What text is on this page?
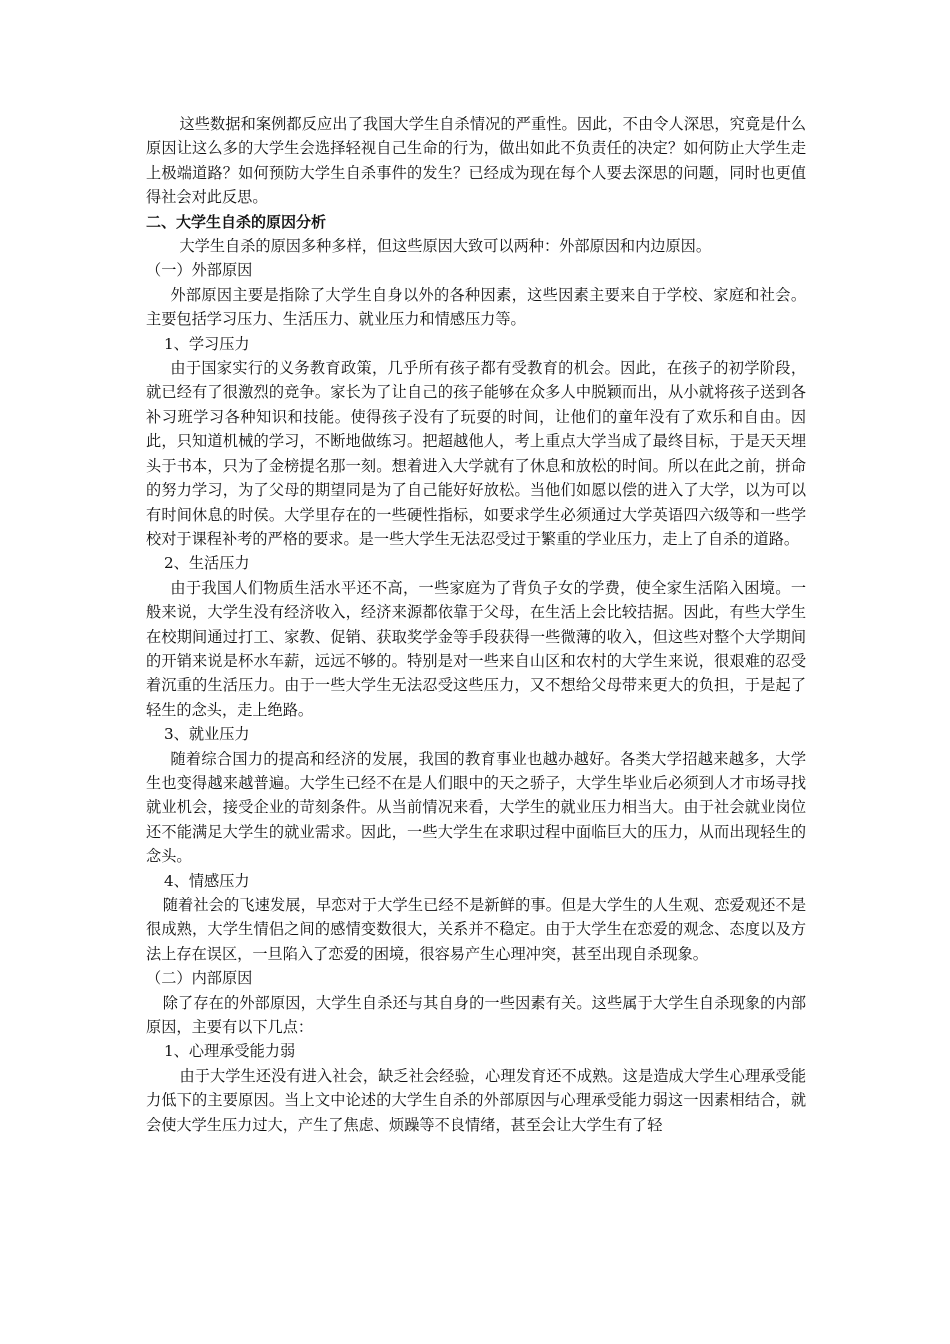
这些数据和案例都反应出了我国大学生自杀情况的严重性。因此，不由令人深思，究竟是什么原因让这么多的大学生会选择轻视自己生命的行为，做出如此不负责任的决定？如何防止大学生走上极端道路？如何预防大学生自杀事件的发生？已经成为现在每个人要去深思的问题，同时也更值得社会对此反思。

二、大学生自杀的原因分析

大学生自杀的原因多种多样，但这些原因大致可以两种：外部原因和内边原因。

（一）外部原因

外部原因主要是指除了大学生自身以外的各种因素，这些因素主要来自于学校、家庭和社会。主要包括学习压力、生活压力、就业压力和情感压力等。

1、学习压力

由于国家实行的义务教育政策，几乎所有孩子都有受教育的机会。因此，在孩子的初学阶段，就已经有了很激烈的竞争。家长为了让自己的孩子能够在众多人中脱颖而出，从小就将孩子送到各补习班学习各种知识和技能。使得孩子没有了玩耍的时间，让他们的童年没有了欢乐和自由。因此，只知道机械的学习，不断地做练习。把超越他人，考上重点大学当成了最终目标，于是天天埋头于书本，只为了金榜提名那一刻。想着进入大学就有了休息和放松的时间。所以在此之前，拼命的努力学习，为了父母的期望同是为了自己能好好放松。当他们如愿以偿的进入了大学，以为可以有时间休息的时侯。大学里存在的一些硬性指标，如要求学生必须通过大学英语四六级等和一些学校对于课程补考的严格的要求。是一些大学生无法忍受过于繁重的学业压力，走上了自杀的道路。

2、生活压力

由于我国人们物质生活水平还不高，一些家庭为了背负子女的学费，使全家生活陷入困境。一般来说，大学生没有经济收入，经济来源都依靠于父母，在生活上会比较拮据。因此，有些大学生在校期间通过打工、家教、促销、获取奖学金等手段获得一些微薄的收入，但这些对整个大学期间的开销来说是杯水车薪，远远不够的。特别是对一些来自山区和农村的大学生来说，很艰难的忍受着沉重的生活压力。由于一些大学生无法忍受这些压力，又不想给父母带来更大的负担，于是起了轻生的念头，走上绝路。

3、就业压力

随着综合国力的提高和经济的发展，我国的教育事业也越办越好。各类大学招越来越多，大学生也变得越来越普遍。大学生已经不在是人们眼中的天之骄子，大学生毕业后必须到人才市场寻找就业机会，接受企业的苛刻条件。从当前情况来看，大学生的就业压力相当大。由于社会就业岗位还不能满足大学生的就业需求。因此，一些大学生在求职过程中面临巨大的压力，从而出现轻生的念头。

4、情感压力

随着社会的飞速发展，早恋对于大学生已经不是新鲜的事。但是大学生的人生观、恋爱观还不是很成熟，大学生情侣之间的感情变数很大，关系并不稳定。由于大学生在恋爱的观念、态度以及方法上存在误区，一旦陷入了恋爱的困境，很容易产生心理冲突，甚至出现自杀现象。

（二）内部原因

除了存在的外部原因，大学生自杀还与其自身的一些因素有关。这些属于大学生自杀现象的内部原因，主要有以下几点：

1、心理承受能力弱

由于大学生还没有进入社会，缺乏社会经验，心理发育还不成熟。这是造成大学生心理承受能力低下的主要原因。当上文中论述的大学生自杀的外部原因与心理承受能力弱这一因素相结合，就会使大学生压力过大，产生了焦虑、烦躁等不良情绪，甚至会让大学生有了轻
